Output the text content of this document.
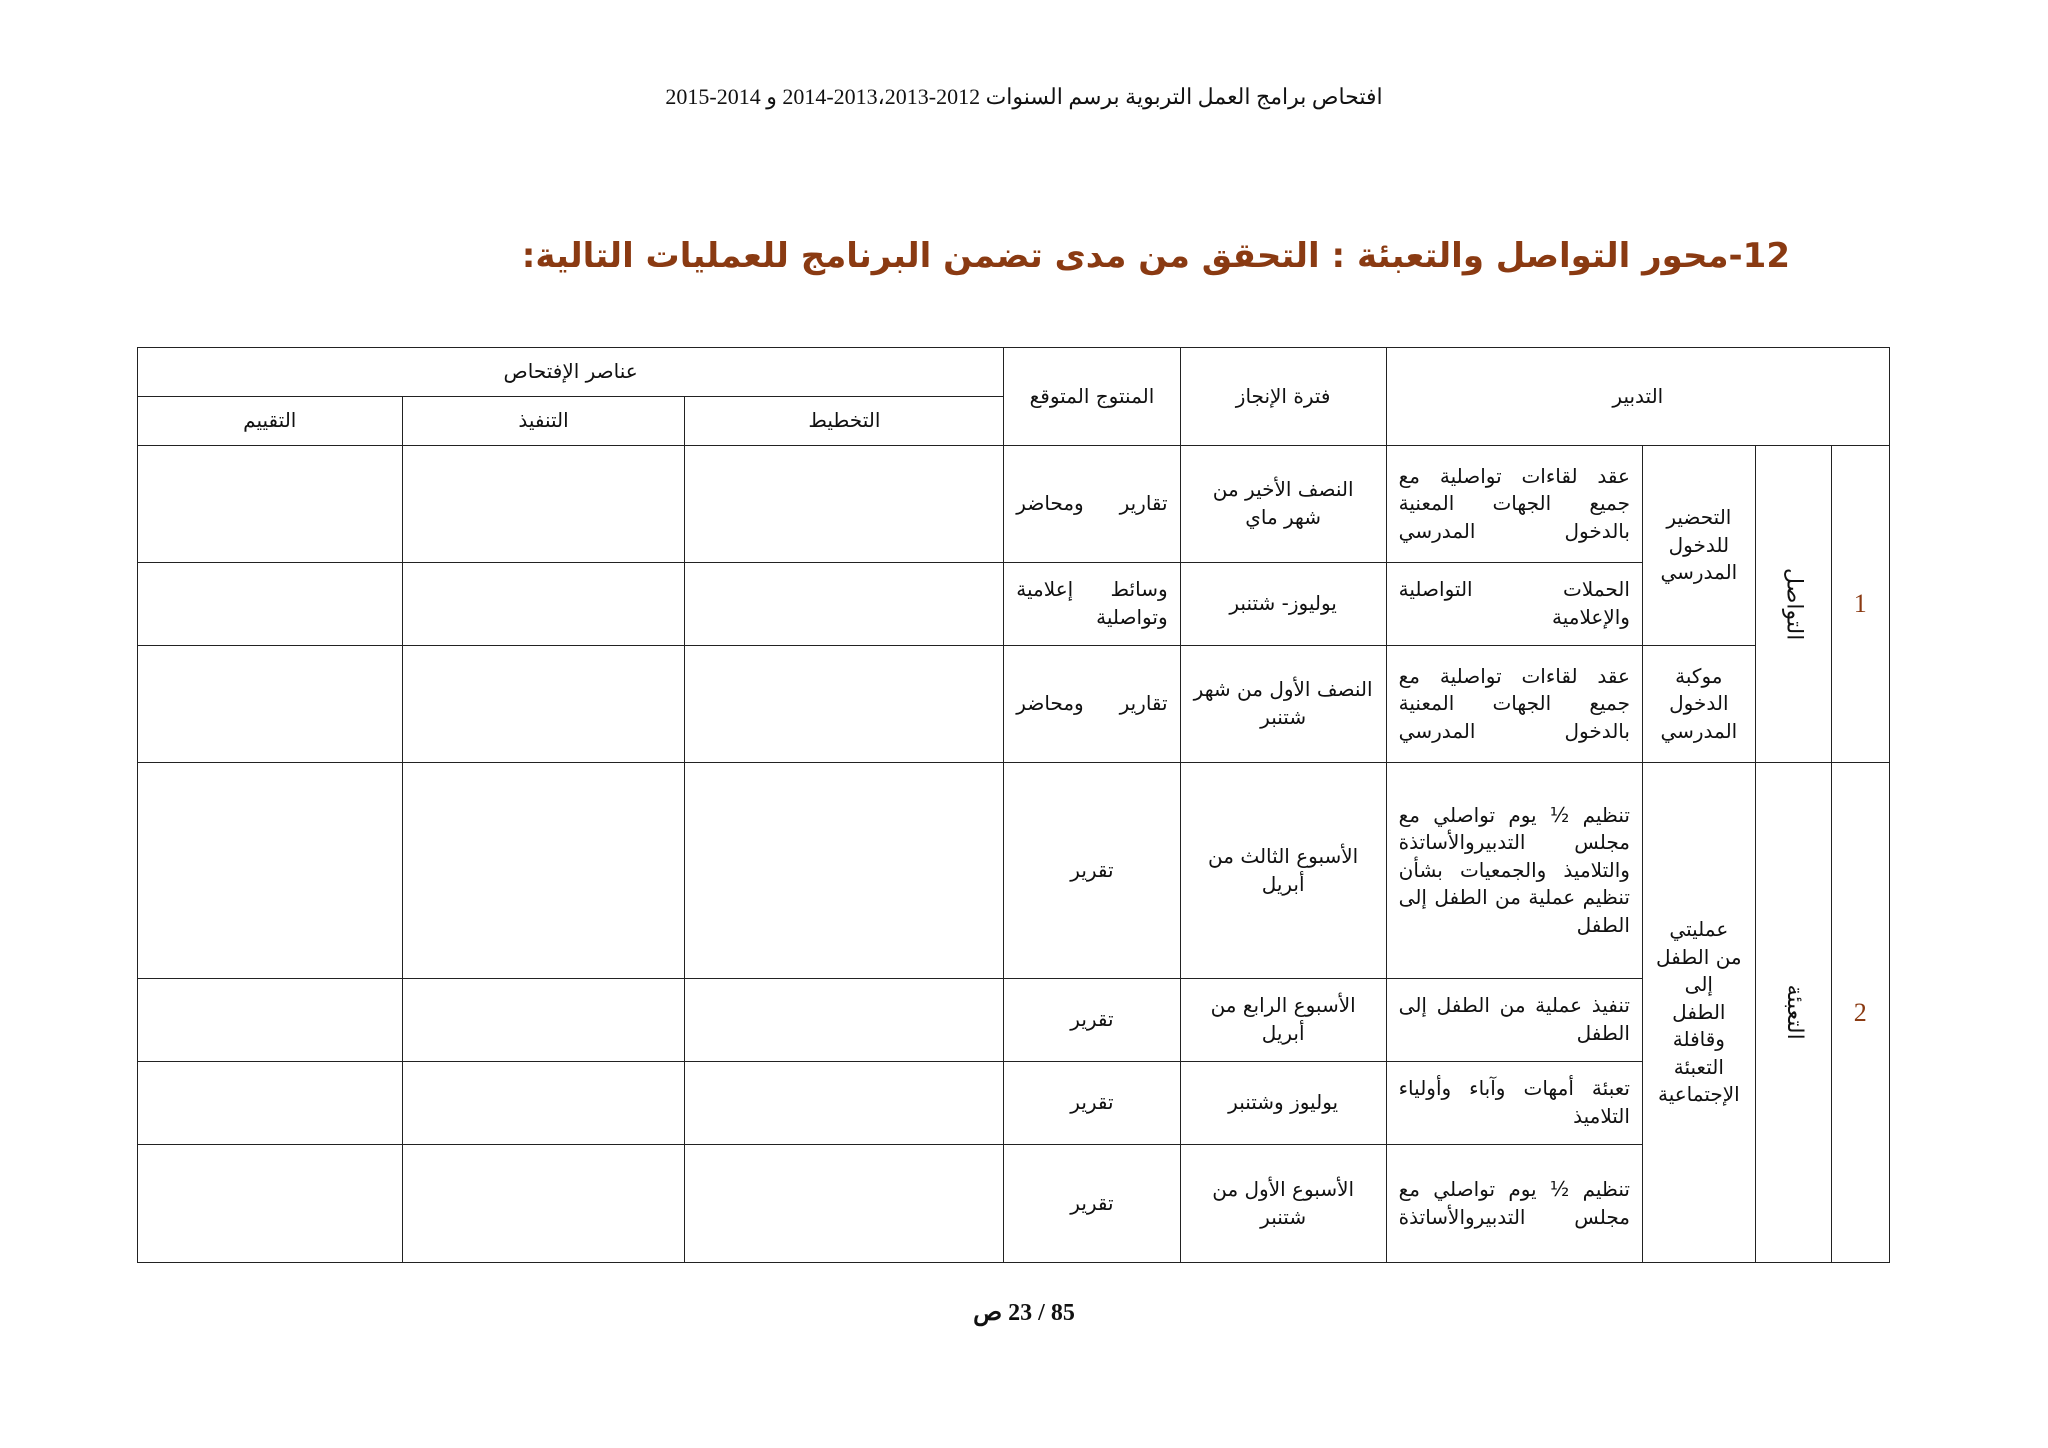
افتحاص برامج العمل التربوية برسم السنوات 2012-2013،2013-2014 و 2014-2015
12-محور التواصل والتعبئة : التحقق من مدى تضمن البرنامج للعمليات التالية:
التدبير				فترة الإنجاز	المنتوج المتوقع	عناصر الإفتحاص		
						التخطيط	التنفيذ	التقييم
1	التواصل	التحضير للدخول المدرسي	عقد لقاءات تواصلية مع جميع الجهات المعنية بالدخول المدرسي	النصف الأخير من شهر ماي	تقارير ومحاضر			
			الحملات التواصلية والإعلامية	يوليوز- شتنبر	وسائط إعلامية وتواصلية			
		موكبة الدخول المدرسي	عقد لقاءات تواصلية مع جميع الجهات المعنية بالدخول المدرسي	النصف الأول من شهر شتنبر	تقارير ومحاضر			
2	التعبئة	عمليتي من الطفل إلى الطفل وقافلة التعبئة الإجتماعية	تنظيم ½ يوم تواصلي مع مجلس التدبيروالأساتذة والتلاميذ والجمعيات بشأن تنظيم عملية من الطفل إلى الطفل	الأسبوع الثالث من أبريل	تقرير			
			تنفيذ عملية من الطفل إلى الطفل	الأسبوع الرابع من أبريل	تقرير			
			تعبئة أمهات وآباء وأولياء التلاميذ	يوليوز وشتنبر	تقرير			
			تنظيم ½ يوم تواصلي مع مجلس التدبيروالأساتذة	الأسبوع الأول من شتنبر	تقرير			
85 / 23 ص
